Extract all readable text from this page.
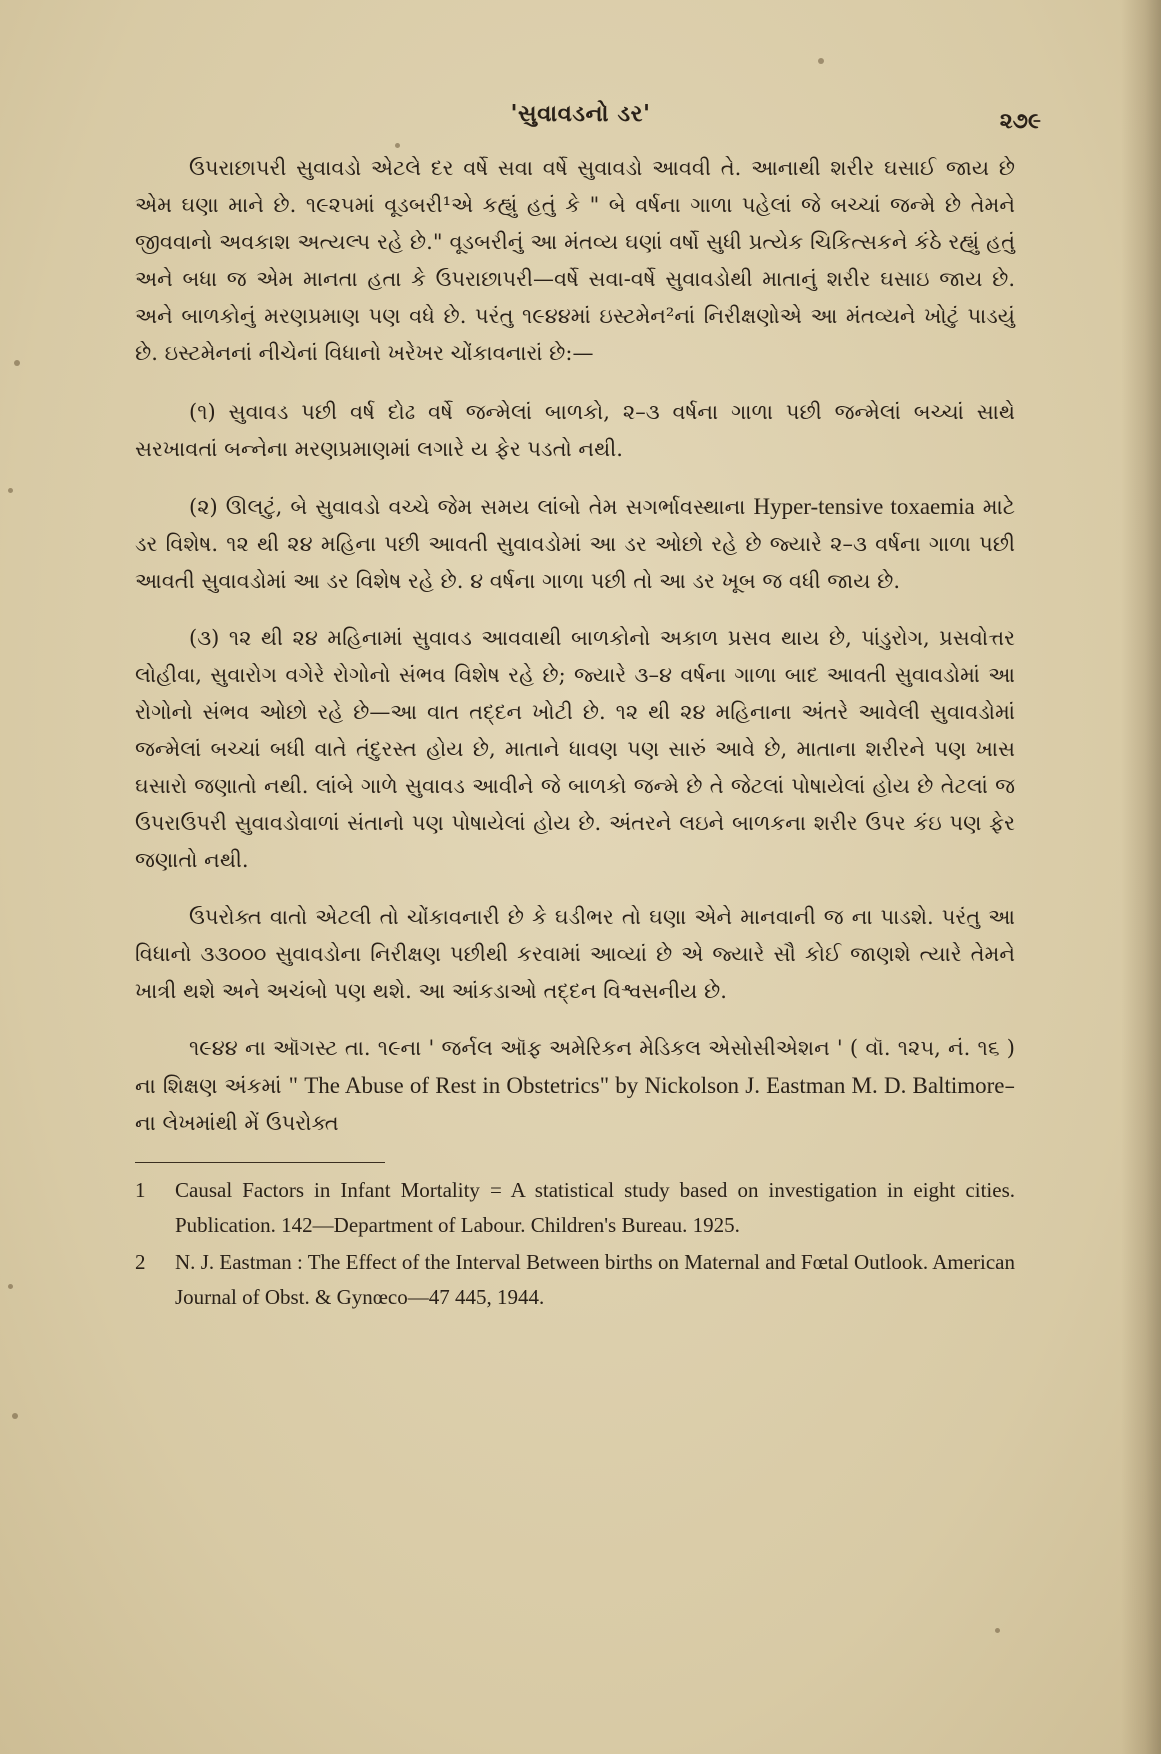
'સુવાવડનો ડર'	૨૭૯

ઉપરાછાપરી સુવાવડો એટલે દર વર્ષે સવા વર્ષે સુવાવડો આવવી તે. આનાથી શરીર ઘસાઈ જાય છે એમ ઘણા માને છે. ૧૯૨૫માં વૂડબરી¹એ કહ્યું હતું કે " બે વર્ષના ગાળા પહેલાં જે બચ્ચાં જન્મે છે તેમને જીવવાનો અવકાશ અત્યલ્પ રહે છે." વૂડબરીનું આ મંતવ્ય ઘણાં વર્ષો સુધી પ્રત્યેક ચિકિત્સકને કંઠે રહ્યું હતું અને બધા જ એમ માનતા હતા કે ઉપરાછાપરી—વર્ષે સવા-વર્ષે સુવાવડોથી માતાનું શરીર ઘસાઇ જાય છે. અને બાળકોનું મરણપ્રમાણ પણ વધે છે. પરંતુ ૧૯૪૪માં ઇસ્ટમેન²નાં નિરીક્ષણોએ આ મંતવ્યને ખોટું પાડયું છે. ઇસ્ટમેનનાં નીચેનાં વિધાનો ખરેખર ચોંકાવનારાં છે:—

(૧) સુવાવડ પછી વર્ષ દોઢ વર્ષે જન્મેલાં બાળકો, ૨–૩ વર્ષના ગાળા પછી જન્મેલાં બચ્ચાં સાથે સરખાવતાં બન્નેના મરણપ્રમાણમાં લગારે ય ફેર પડતો નથી.

(૨) ઊલટું, બે સુવાવડો વચ્ચે જેમ સમય લાંબો તેમ સગર્ભાવસ્થાના Hyper-tensive toxaemia માટે ડર વિશેષ. ૧૨ થી ૨૪ મહિના પછી આવતી સુવાવડોમાં આ ડર ઓછો રહે છે જ્યારે ૨–૩ વર્ષના ગાળા પછી આવતી સુવાવડોમાં આ ડર વિશેષ રહે છે. ૪ વર્ષના ગાળા પછી તો આ ડર ખૂબ જ વધી જાય છે.

(૩) ૧૨ થી ૨૪ મહિનામાં સુવાવડ આવવાથી બાળકોનો અકાળ પ્રસવ થાય છે, પાંડુરોગ, પ્રસવોત્તર લોહીવા, સુવારોગ વગેરે રોગોનો સંભવ વિશેષ રહે છે; જ્યારે ૩–૪ વર્ષના ગાળા બાદ આવતી સુવાવડોમાં આ રોગોનો સંભવ ઓછો રહે છે—આ વાત તદ્દન ખોટી છે. ૧૨ થી ૨૪ મહિનાના અંતરે આવેલી સુવાવડોમાં જન્મેલાં બચ્ચાં બધી વાતે તંદુરસ્ત હોય છે, માતાને ધાવણ પણ સારું આવે છે, માતાના શરીરને પણ ખાસ ઘસારો જણાતો નથી. લાંબે ગાળે સુવાવડ આવીને જે બાળકો જન્મે છે તે જેટલાં પોષાયેલાં હોય છે તેટલાં જ ઉપરાઉપરી સુવાવડોવાળાં સંતાનો પણ પોષાયેલાં હોય છે. અંતરને લઇને બાળકના શરીર ઉપર કંઇ પણ ફેર જણાતો નથી.

ઉપરોક્ત વાતો એટલી તો ચોંકાવનારી છે કે ઘડીભર તો ઘણા એને માનવાની જ ના પાડશે. પરંતુ આ વિધાનો ૩૩૦૦૦ સુવાવડોના નિરીક્ષણ પછીથી કરવામાં આવ્યાં છે એ જ્યારે સૌ કોઈ જાણશે ત્યારે તેમને ખાત્રી થશે અને અચંબો પણ થશે. આ આંકડાઓ તદ્દન વિશ્વસનીય છે.

૧૯૪૪ ના ઑગસ્ટ તા. ૧૯ના ' જર્નલ ઑફ અમેરિકન મેડિકલ એસોસીએશન ' ( વૉ. ૧૨૫, નં. ૧૬ ) ના શિક્ષણ અંકમાં " The Abuse of Rest in Obstetrics" by Nickolson J. Eastman M. D. Baltimore–ના લેખમાંથી મેં ઉપરોક્ત

1	Causal Factors in Infant Mortality = A statistical study based on investigation in eight cities. Publication. 142—Department of Labour. Children's Bureau. 1925.
2	N. J. Eastman : The Effect of the Interval Between births on Maternal and Fœtal Outlook. American Journal of Obst. & Gynœco—47 445, 1944.
